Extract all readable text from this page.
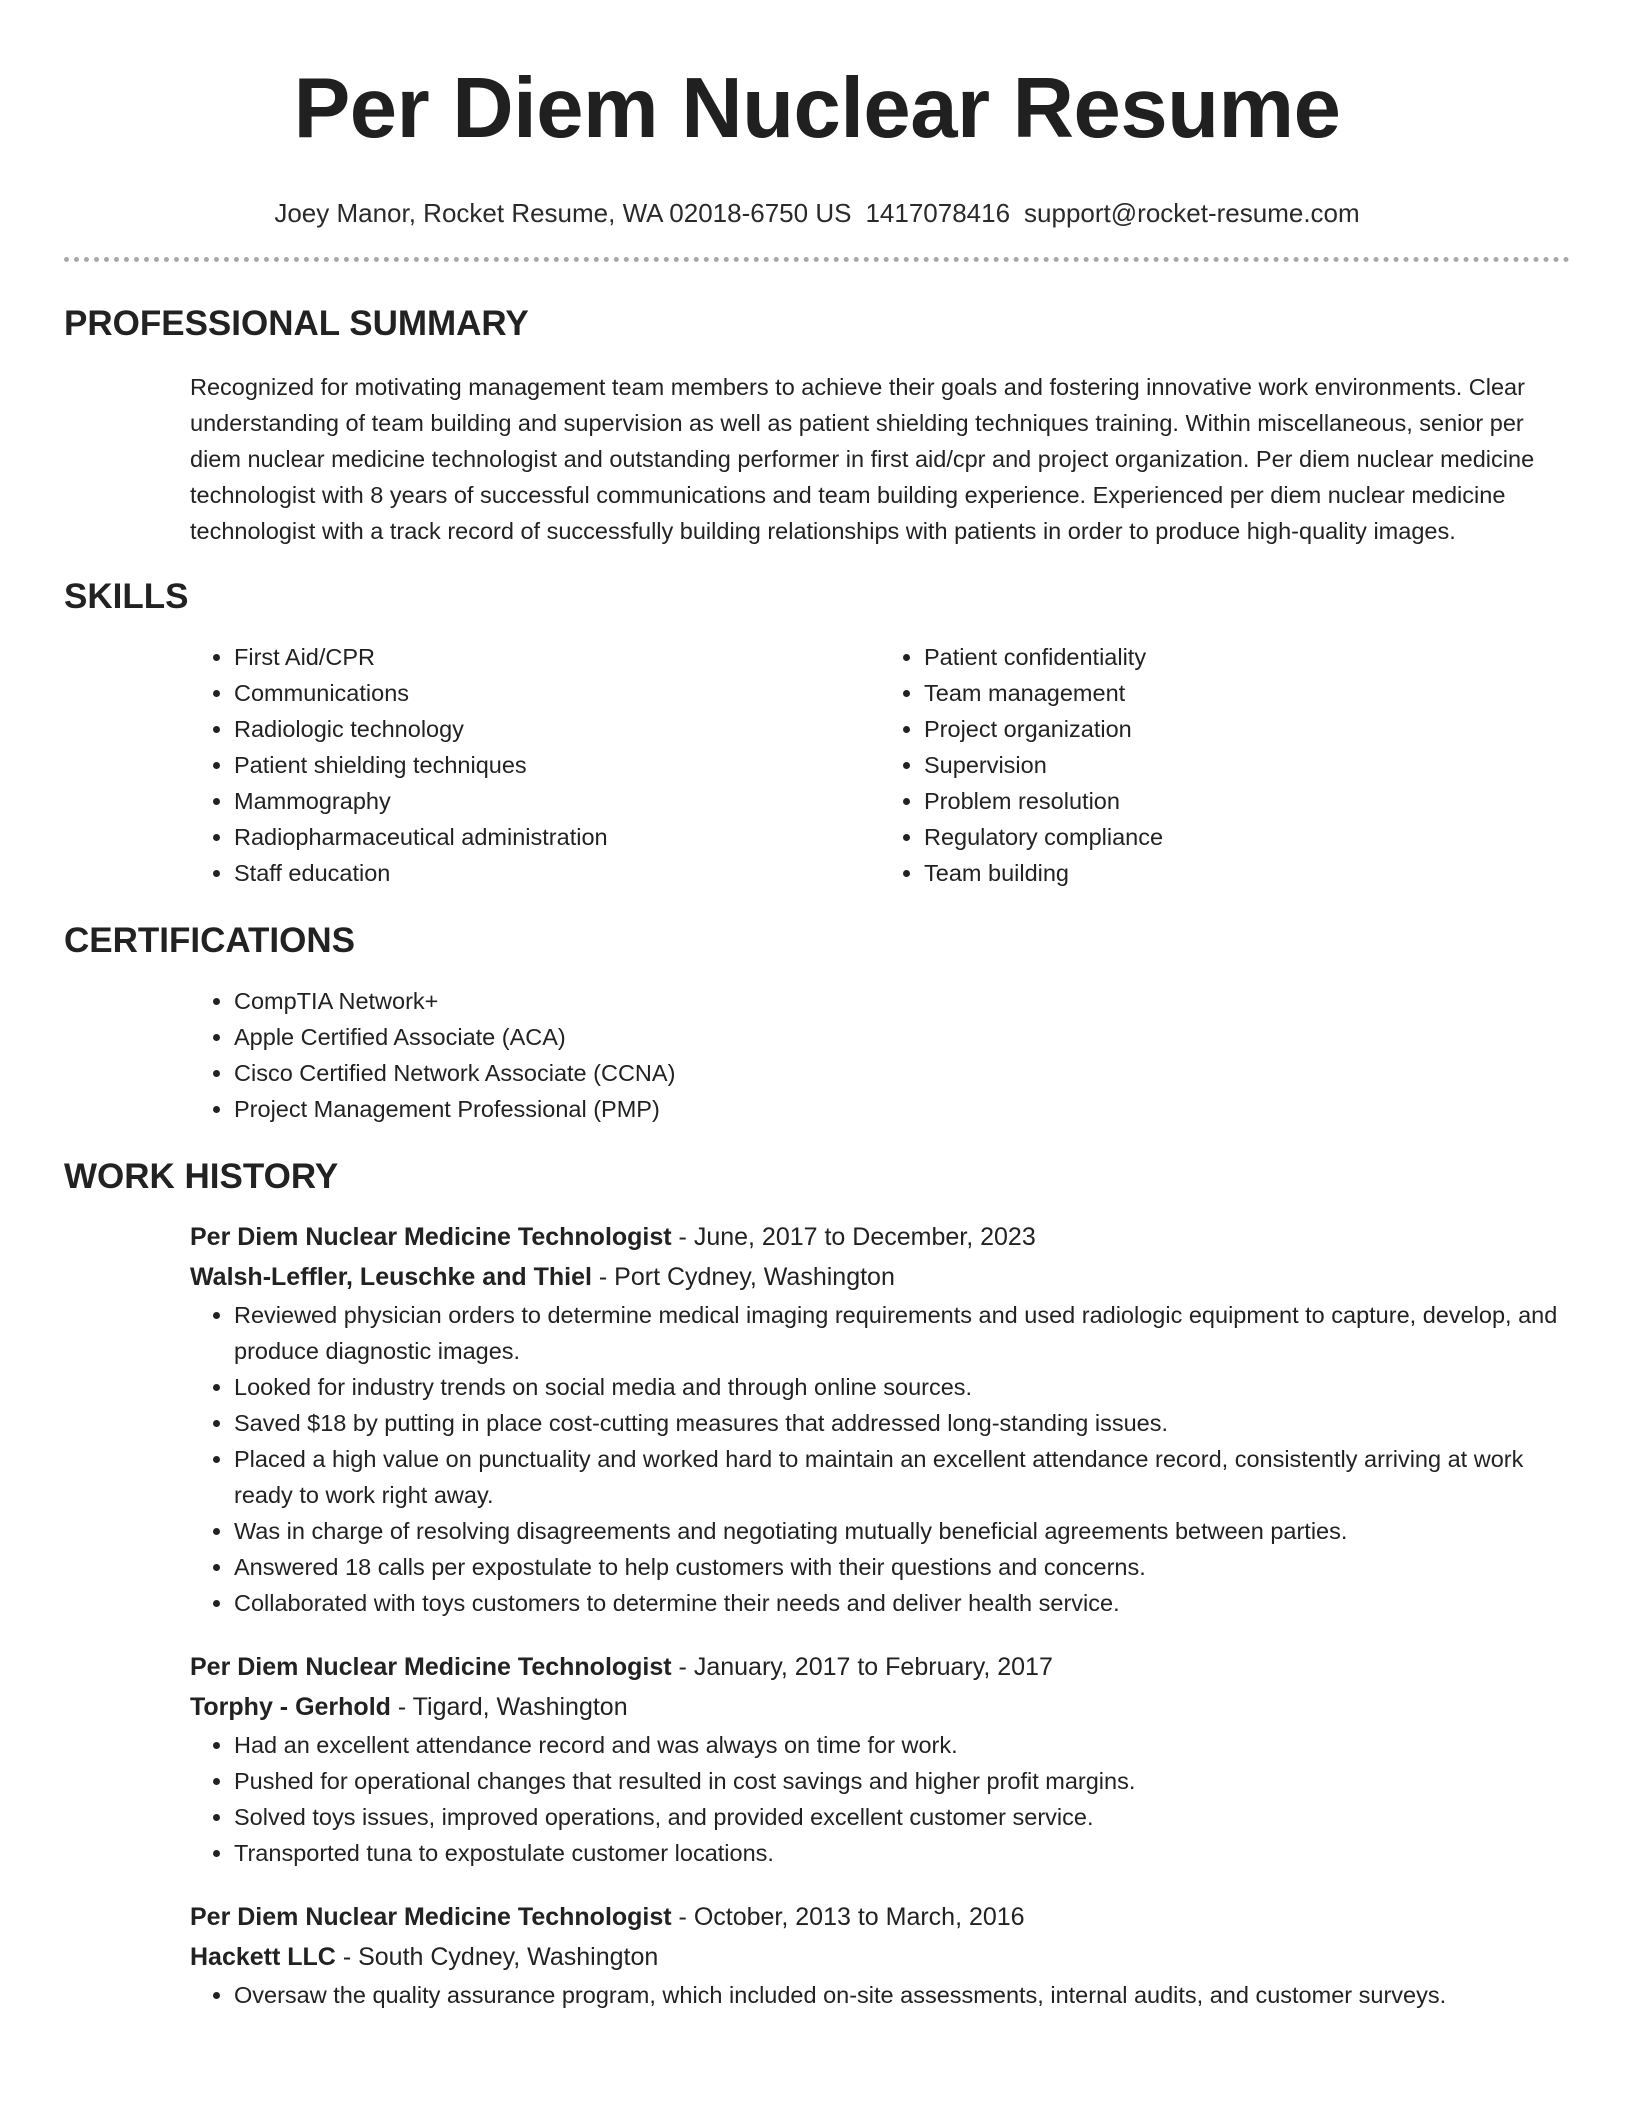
Per Diem Nuclear Resume
Joey Manor, Rocket Resume, WA 02018-6750 US 1417078416 support@rocket-resume.com
PROFESSIONAL SUMMARY

Recognized for motivating management team members to achieve their goals and fostering innovative work environments. Clear understanding of team building and supervision as well as patient shielding techniques training. Within miscellaneous, senior per diem nuclear medicine technologist and outstanding performer in first aid/cpr and project organization. Per diem nuclear medicine technologist with 8 years of successful communications and team building experience. Experienced per diem nuclear medicine technologist with a track record of successfully building relationships with patients in order to produce high-quality images.

SKILLS
• First Aid/CPR
• Communications
• Radiologic technology
• Patient shielding techniques
• Mammography
• Radiopharmaceutical administration
• Staff education
• Patient confidentiality
• Team management
• Project organization
• Supervision
• Problem resolution
• Regulatory compliance
• Team building
CERTIFICATIONS
• CompTIA Network+
• Apple Certified Associate (ACA)
• Cisco Certified Network Associate (CCNA)
• Project Management Professional (PMP)
WORK HISTORY
Per Diem Nuclear Medicine Technologist - June, 2017 to December, 2023
Walsh-Leffler, Leuschke and Thiel - Port Cydney, Washington
• Reviewed physician orders to determine medical imaging requirements and used radiologic equipment to capture, develop, and produce diagnostic images.
• Looked for industry trends on social media and through online sources.
• Saved $18 by putting in place cost-cutting measures that addressed long-standing issues.
• Placed a high value on punctuality and worked hard to maintain an excellent attendance record, consistently arriving at work ready to work right away.
• Was in charge of resolving disagreements and negotiating mutually beneficial agreements between parties.
• Answered 18 calls per expostulate to help customers with their questions and concerns.
• Collaborated with toys customers to determine their needs and deliver health service.
Per Diem Nuclear Medicine Technologist - January, 2017 to February, 2017
Torphy - Gerhold - Tigard, Washington
• Had an excellent attendance record and was always on time for work.
• Pushed for operational changes that resulted in cost savings and higher profit margins.
• Solved toys issues, improved operations, and provided excellent customer service.
• Transported tuna to expostulate customer locations.
Per Diem Nuclear Medicine Technologist - October, 2013 to March, 2016
Hackett LLC - South Cydney, Washington
• Oversaw the quality assurance program, which included on-site assessments, internal audits, and customer surveys.
